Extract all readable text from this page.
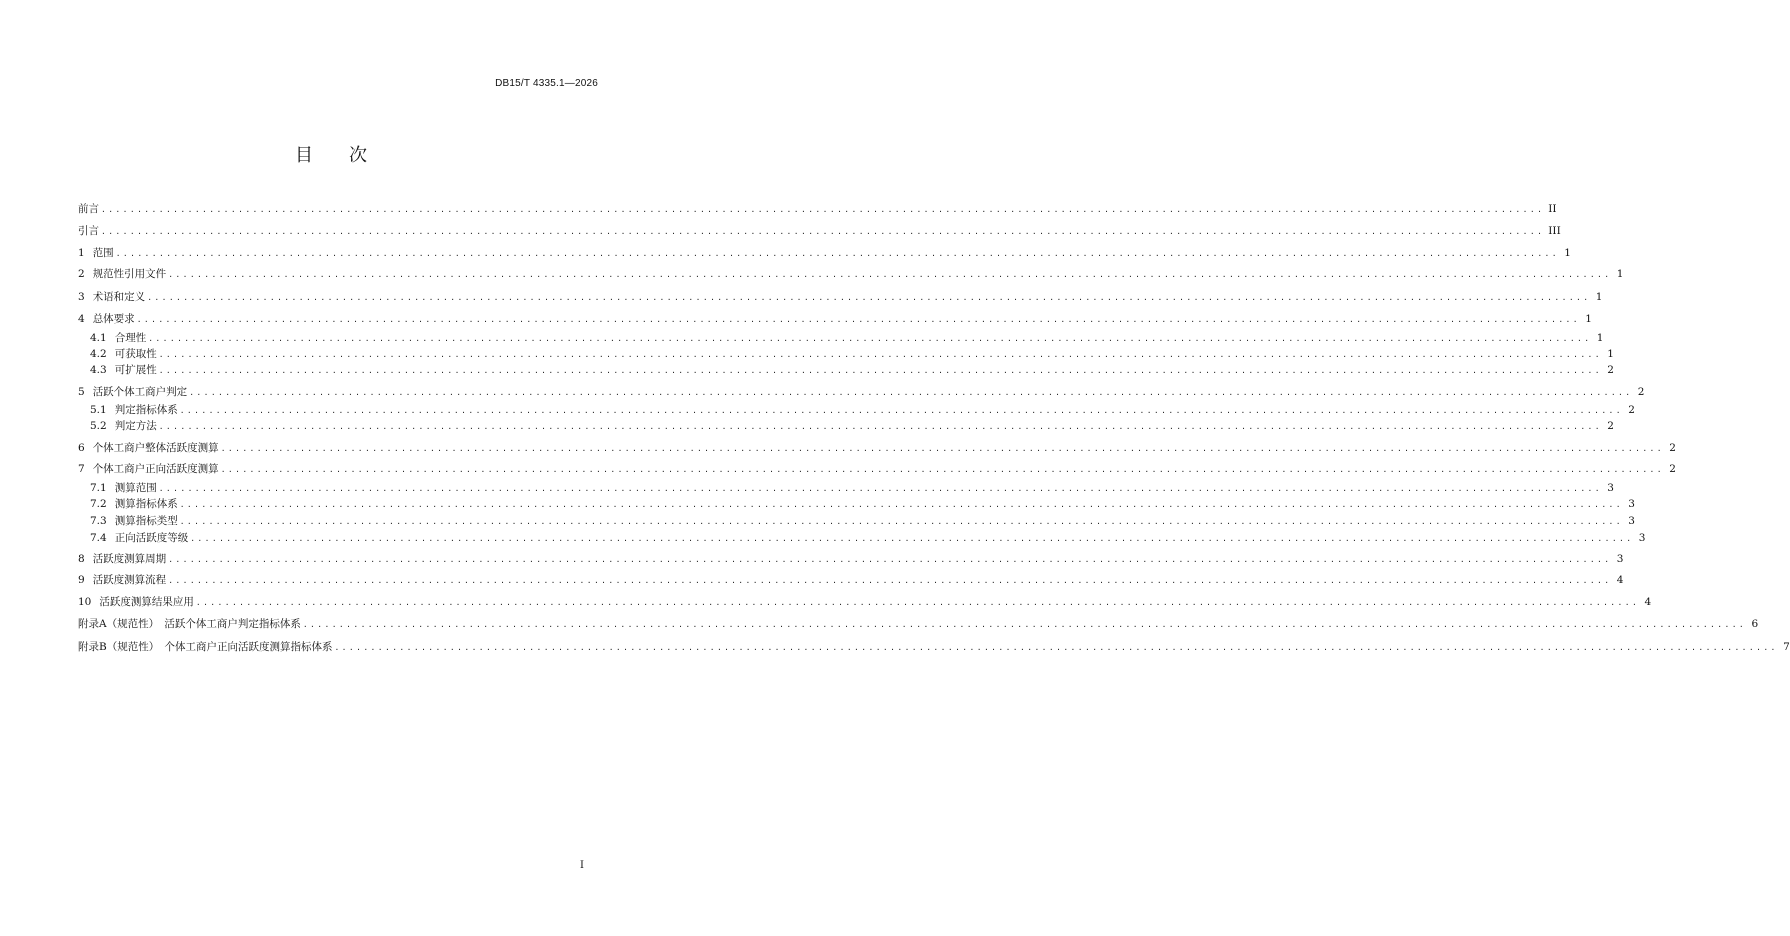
DB15/T 4335.1—2026
目 次
前言 ........................................................................................................................................................................................................ II
引言 ........................................................................................................................................................................................................ III
1 范围 ........................................................................................................................................................................................................ 1
2 规范性引用文件 ........................................................................................................................................................................................................ 1
3 术语和定义 ........................................................................................................................................................................................................ 1
4 总体要求 ........................................................................................................................................................................................................ 1
4.1 合理性 ........................................................................................................................................................................................................ 1
4.2 可获取性 ........................................................................................................................................................................................................ 1
4.3 可扩展性 ........................................................................................................................................................................................................ 2
5 活跃个体工商户判定 ........................................................................................................................................................................................................ 2
5.1 判定指标体系 ........................................................................................................................................................................................................ 2
5.2 判定方法 ........................................................................................................................................................................................................ 2
6 个体工商户整体活跃度测算 ........................................................................................................................................................................................................ 2
7 个体工商户正向活跃度测算 ........................................................................................................................................................................................................ 2
7.1 测算范围 ........................................................................................................................................................................................................ 3
7.2 测算指标体系 ........................................................................................................................................................................................................ 3
7.3 测算指标类型 ........................................................................................................................................................................................................ 3
7.4 正向活跃度等级 ........................................................................................................................................................................................................ 3
8 活跃度测算周期 ........................................................................................................................................................................................................ 3
9 活跃度测算流程 ........................................................................................................................................................................................................ 4
10 活跃度测算结果应用 ........................................................................................................................................................................................................ 4
附录A（规范性）　活跃个体工商户判定指标体系 ........................................................................................................................................................................................................ 6
附录B（规范性）　个体工商户正向活跃度测算指标体系 ........................................................................................................................................................................................................ 7
I
